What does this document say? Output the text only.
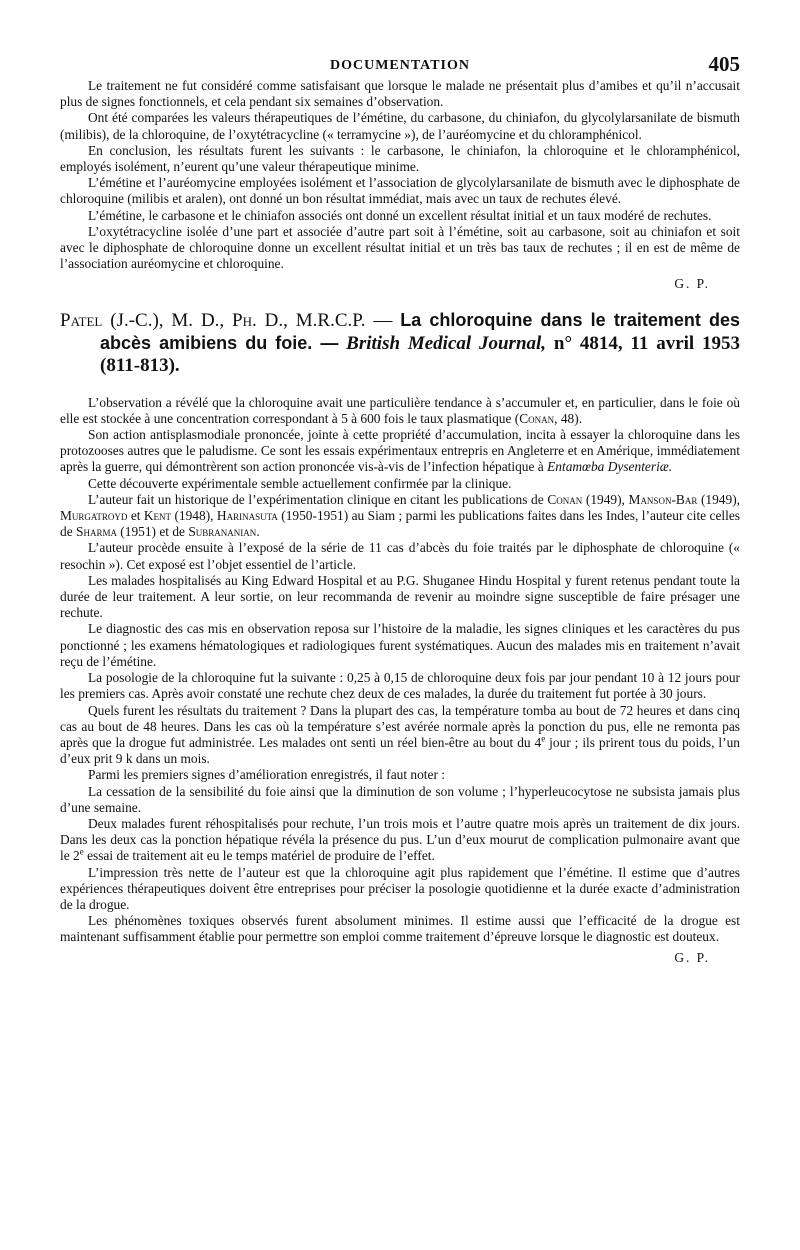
DOCUMENTATION	405

Le traitement ne fut considéré comme satisfaisant que lorsque le malade ne présentait plus d’amibes et qu’il n’accusait plus de signes fonctionnels, et cela pendant six semaines d’observation.

Ont été comparées les valeurs thérapeutiques de l’émétine, du carbasone, du chiniafon, du glycolylarsanilate de bismuth (milibis), de la chloroquine, de l’oxytétracycline (« terramycine »), de l’auréomycine et du chloramphénicol.

En conclusion, les résultats furent les suivants : le carbasone, le chiniafon, la chloroquine et le chloramphénicol, employés isolément, n’eurent qu’une valeur thérapeutique minime.

L’émétine et l’auréomycine employées isolément et l’association de glycolylarsanilate de bismuth avec le diphosphate de chloroquine (milibis et aralen), ont donné un bon résultat immédiat, mais avec un taux de rechutes élevé.

L’émétine, le carbasone et le chiniafon associés ont donné un excellent résultat initial et un taux modéré de rechutes.

L’oxytétracycline isolée d’une part et associée d’autre part soit à l’émétine, soit au carbasone, soit au chiniafon et soit avec le diphosphate de chloroquine donne un excellent résultat initial et un très bas taux de rechutes ; il en est de même de l’association auréomycine et chloroquine.

G. P.
Patel (J.-C.), M. D., Ph. D., M.R.C.P. — La chloroquine dans le traitement des abcès amibiens du foie. — British Medical Journal, n° 4814, 11 avril 1953 (811-813).

L’observation a révélé que la chloroquine avait une particulière tendance à s’accumuler et, en particulier, dans le foie où elle est stockée à une concentration correspondant à 5 à 600 fois le taux plasmatique (Conan, 48).

Son action antisplasmodiale prononcée, jointe à cette propriété d’accumulation, incita à essayer la chloroquine dans les protozooses autres que le paludisme. Ce sont les essais expérimentaux entrepris en Angleterre et en Amérique, immédiatement après la guerre, qui démontrèrent son action prononcée vis-à-vis de l’infection hépatique à Entamœba Dysenteriæ.

Cette découverte expérimentale semble actuellement confirmée par la clinique.

L’auteur fait un historique de l’expérimentation clinique en citant les publications de Conan (1949), Manson-Bar (1949), Murgatroyd et Kent (1948), Harinasuta (1950-1951) au Siam ; parmi les publications faites dans les Indes, l’auteur cite celles de Sharma (1951) et de Subrananian.

L’auteur procède ensuite à l’exposé de la série de 11 cas d’abcès du foie traités par le diphosphate de chloroquine (« resochin »). Cet exposé est l’objet essentiel de l’article.

Les malades hospitalisés au King Edward Hospital et au P.G. Shuganee Hindu Hospital y furent retenus pendant toute la durée de leur traitement. A leur sortie, on leur recommanda de revenir au moindre signe susceptible de faire présager une rechute.

Le diagnostic des cas mis en observation reposa sur l’histoire de la maladie, les signes cliniques et les caractères du pus ponctionné ; les examens hématologiques et radiologiques furent systématiques. Aucun des malades mis en traitement n’avait reçu de l’émétine.

La posologie de la chloroquine fut la suivante : 0,25 à 0,15 de chloroquine deux fois par jour pendant 10 à 12 jours pour les premiers cas. Après avoir constaté une rechute chez deux de ces malades, la durée du traitement fut portée à 30 jours.

Quels furent les résultats du traitement ? Dans la plupart des cas, la température tomba au bout de 72 heures et dans cinq cas au bout de 48 heures. Dans les cas où la température s’est avérée normale après la ponction du pus, elle ne remonta pas après que la drogue fut administrée. Les malades ont senti un réel bien-être au bout du 4e jour ; ils prirent tous du poids, l’un d’eux prit 9 k dans un mois.

Parmi les premiers signes d’amélioration enregistrés, il faut noter :

La cessation de la sensibilité du foie ainsi que la diminution de son volume ; l’hyperleucocytose ne subsista jamais plus d’une semaine.

Deux malades furent réhospitalisés pour rechute, l’un trois mois et l’autre quatre mois après un traitement de dix jours. Dans les deux cas la ponction hépatique révéla la présence du pus. L’un d’eux mourut de complication pulmonaire avant que le 2e essai de traitement ait eu le temps matériel de produire de l’effet.

L’impression très nette de l’auteur est que la chloroquine agit plus rapidement que l’émétine. Il estime que d’autres expériences thérapeutiques doivent être entreprises pour préciser la posologie quotidienne et la durée exacte d’administration de la drogue.

Les phénomènes toxiques observés furent absolument minimes. Il estime aussi que l’efficacité de la drogue est maintenant suffisamment établie pour permettre son emploi comme traitement d’épreuve lorsque le diagnostic est douteux.

G. P.
